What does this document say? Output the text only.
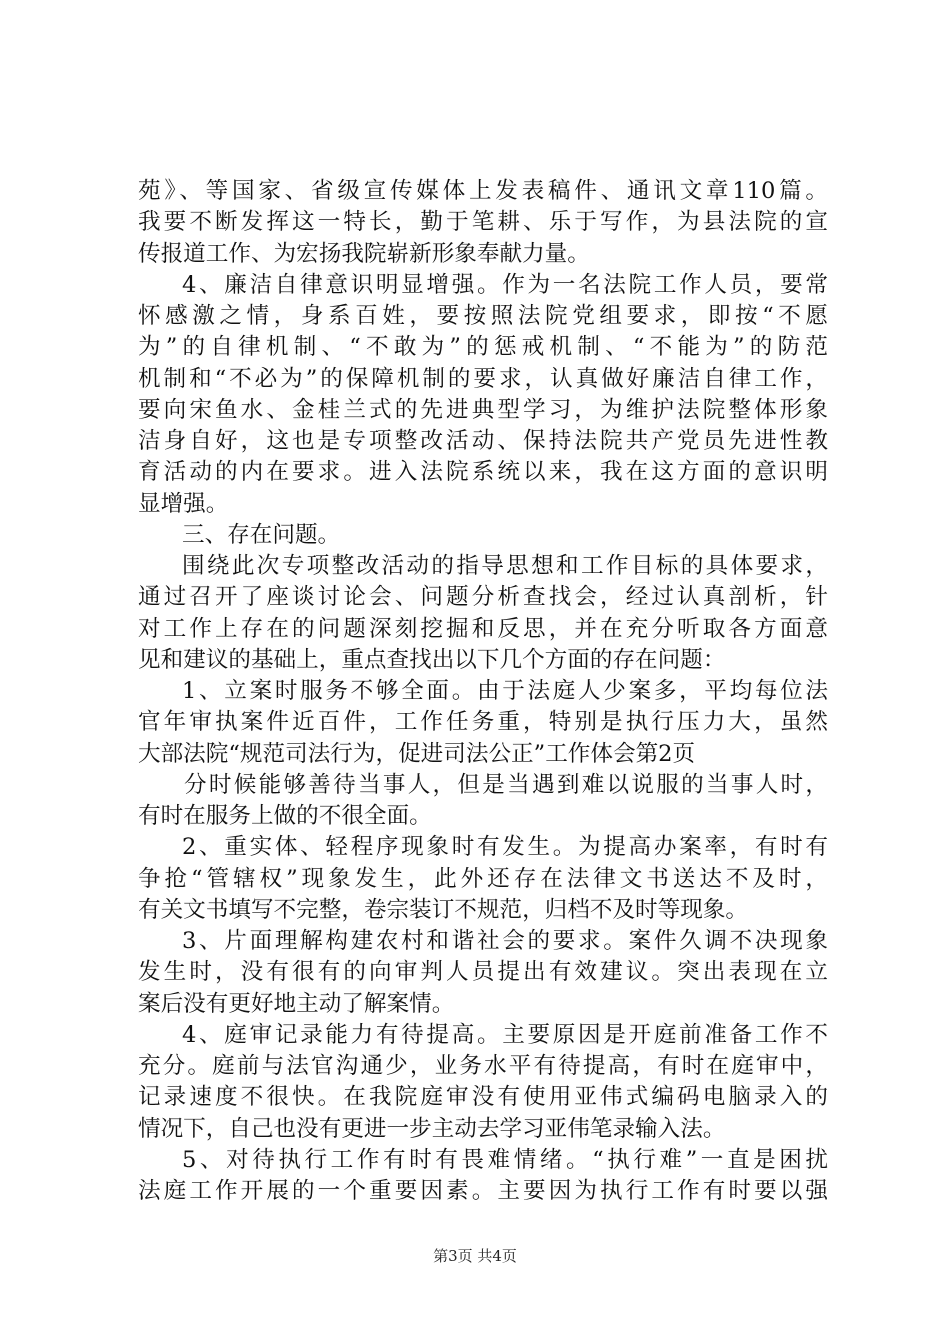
苑》、等国家、省级宣传媒体上发表稿件、通讯文章110篇。
我要不断发挥这一特长，勤于笔耕、乐于写作，为县法院的宣
传报道工作、为宏扬我院崭新形象奉献力量。
4、廉洁自律意识明显增强。作为一名法院工作人员，要常
怀感激之情，身系百姓，要按照法院党组要求，即按“不愿
为”的自律机制、“不敢为”的惩戒机制、“不能为”的防范
机制和“不必为”的保障机制的要求，认真做好廉洁自律工作，
要向宋鱼水、金桂兰式的先进典型学习，为维护法院整体形象
洁身自好，这也是专项整改活动、保持法院共产党员先进性教
育活动的内在要求。进入法院系统以来，我在这方面的意识明
显增强。
三、存在问题。
围绕此次专项整改活动的指导思想和工作目标的具体要求，
通过召开了座谈讨论会、问题分析查找会，经过认真剖析，针
对工作上存在的问题深刻挖掘和反思，并在充分听取各方面意
见和建议的基础上，重点查找出以下几个方面的存在问题：
1、立案时服务不够全面。由于法庭人少案多，平均每位法
官年审执案件近百件，工作任务重，特别是执行压力大，虽然
大部法院“规范司法行为，促进司法公正”工作体会第2页
分时候能够善待当事人，但是当遇到难以说服的当事人时，
有时在服务上做的不很全面。
2、重实体、轻程序现象时有发生。为提高办案率，有时有
争抢“管辖权”现象发生，此外还存在法律文书送达不及时，
有关文书填写不完整，卷宗装订不规范，归档不及时等现象。
3、片面理解构建农村和谐社会的要求。案件久调不决现象
发生时，没有很有的向审判人员提出有效建议。突出表现在立
案后没有更好地主动了解案情。
4、庭审记录能力有待提高。主要原因是开庭前准备工作不
充分。庭前与法官沟通少，业务水平有待提高，有时在庭审中，
记录速度不很快。在我院庭审没有使用亚伟式编码电脑录入的
情况下，自己也没有更进一步主动去学习亚伟笔录输入法。
5、对待执行工作有时有畏难情绪。“执行难”一直是困扰
法庭工作开展的一个重要因素。主要因为执行工作有时要以强
第3页 共4页
